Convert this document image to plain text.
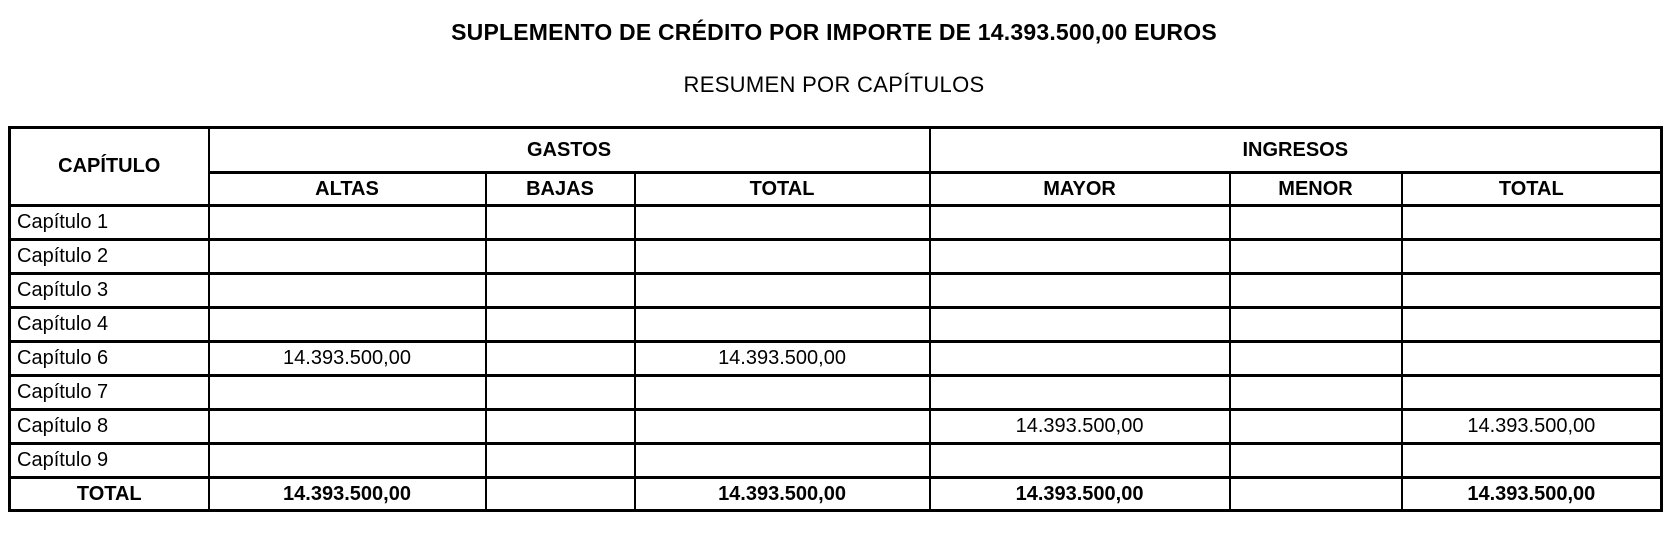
SUPLEMENTO DE CRÉDITO POR IMPORTE DE 14.393.500,00 EUROS
RESUMEN POR CAPÍTULOS
CAPÍTULO	GASTOS			INGRESOS		
	ALTAS	BAJAS	TOTAL	MAYOR	MENOR	TOTAL
Capítulo 1						
Capítulo 2						
Capítulo 3						
Capítulo 4						
Capítulo 6	14.393.500,00		14.393.500,00			
Capítulo 7						
Capítulo 8				14.393.500,00		14.393.500,00
Capítulo 9						
TOTAL	14.393.500,00		14.393.500,00	14.393.500,00		14.393.500,00
